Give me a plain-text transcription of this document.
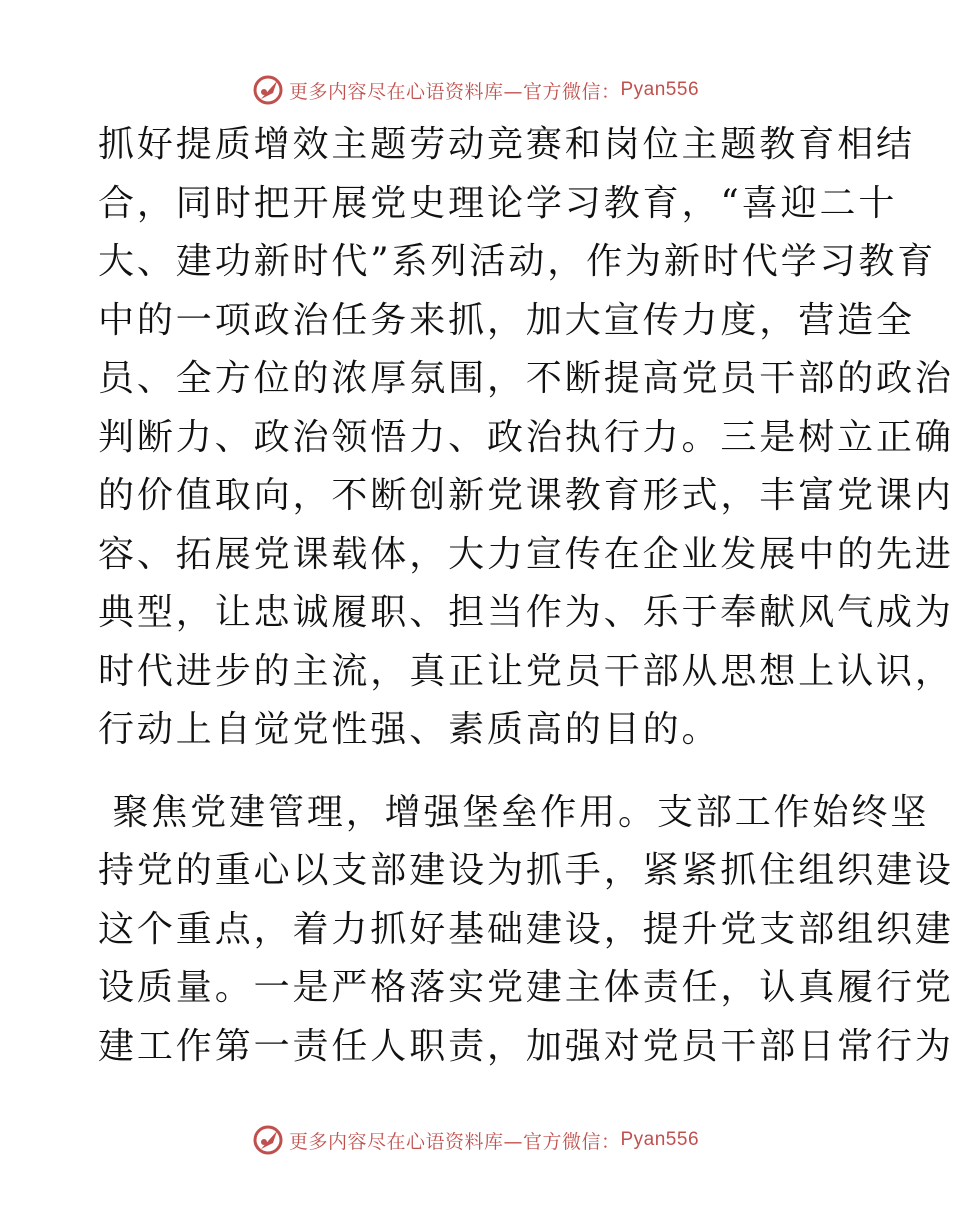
更多内容尽在心语资料库—官方微信： Pyan556
抓好提质增效主题劳动竞赛和岗位主题教育相结
合，同时把开展党史理论学习教育，“喜迎二十
大、建功新时代”系列活动，作为新时代学习教育
中的一项政治任务来抓，加大宣传力度，营造全
员、全方位的浓厚氛围，不断提高党员干部的政治
判断力、政治领悟力、政治执行力。三是树立正确
的价值取向，不断创新党课教育形式，丰富党课内
容、拓展党课载体，大力宣传在企业发展中的先进
典型，让忠诚履职、担当作为、乐于奉献风气成为
时代进步的主流，真正让党员干部从思想上认识，
行动上自觉党性强、素质高的目的。
聚焦党建管理，增强堡垒作用。支部工作始终坚
持党的重心以支部建设为抓手，紧紧抓住组织建设
这个重点，着力抓好基础建设，提升党支部组织建
设质量。一是严格落实党建主体责任，认真履行党
建工作第一责任人职责，加强对党员干部日常行为
更多内容尽在心语资料库—官方微信： Pyan556
